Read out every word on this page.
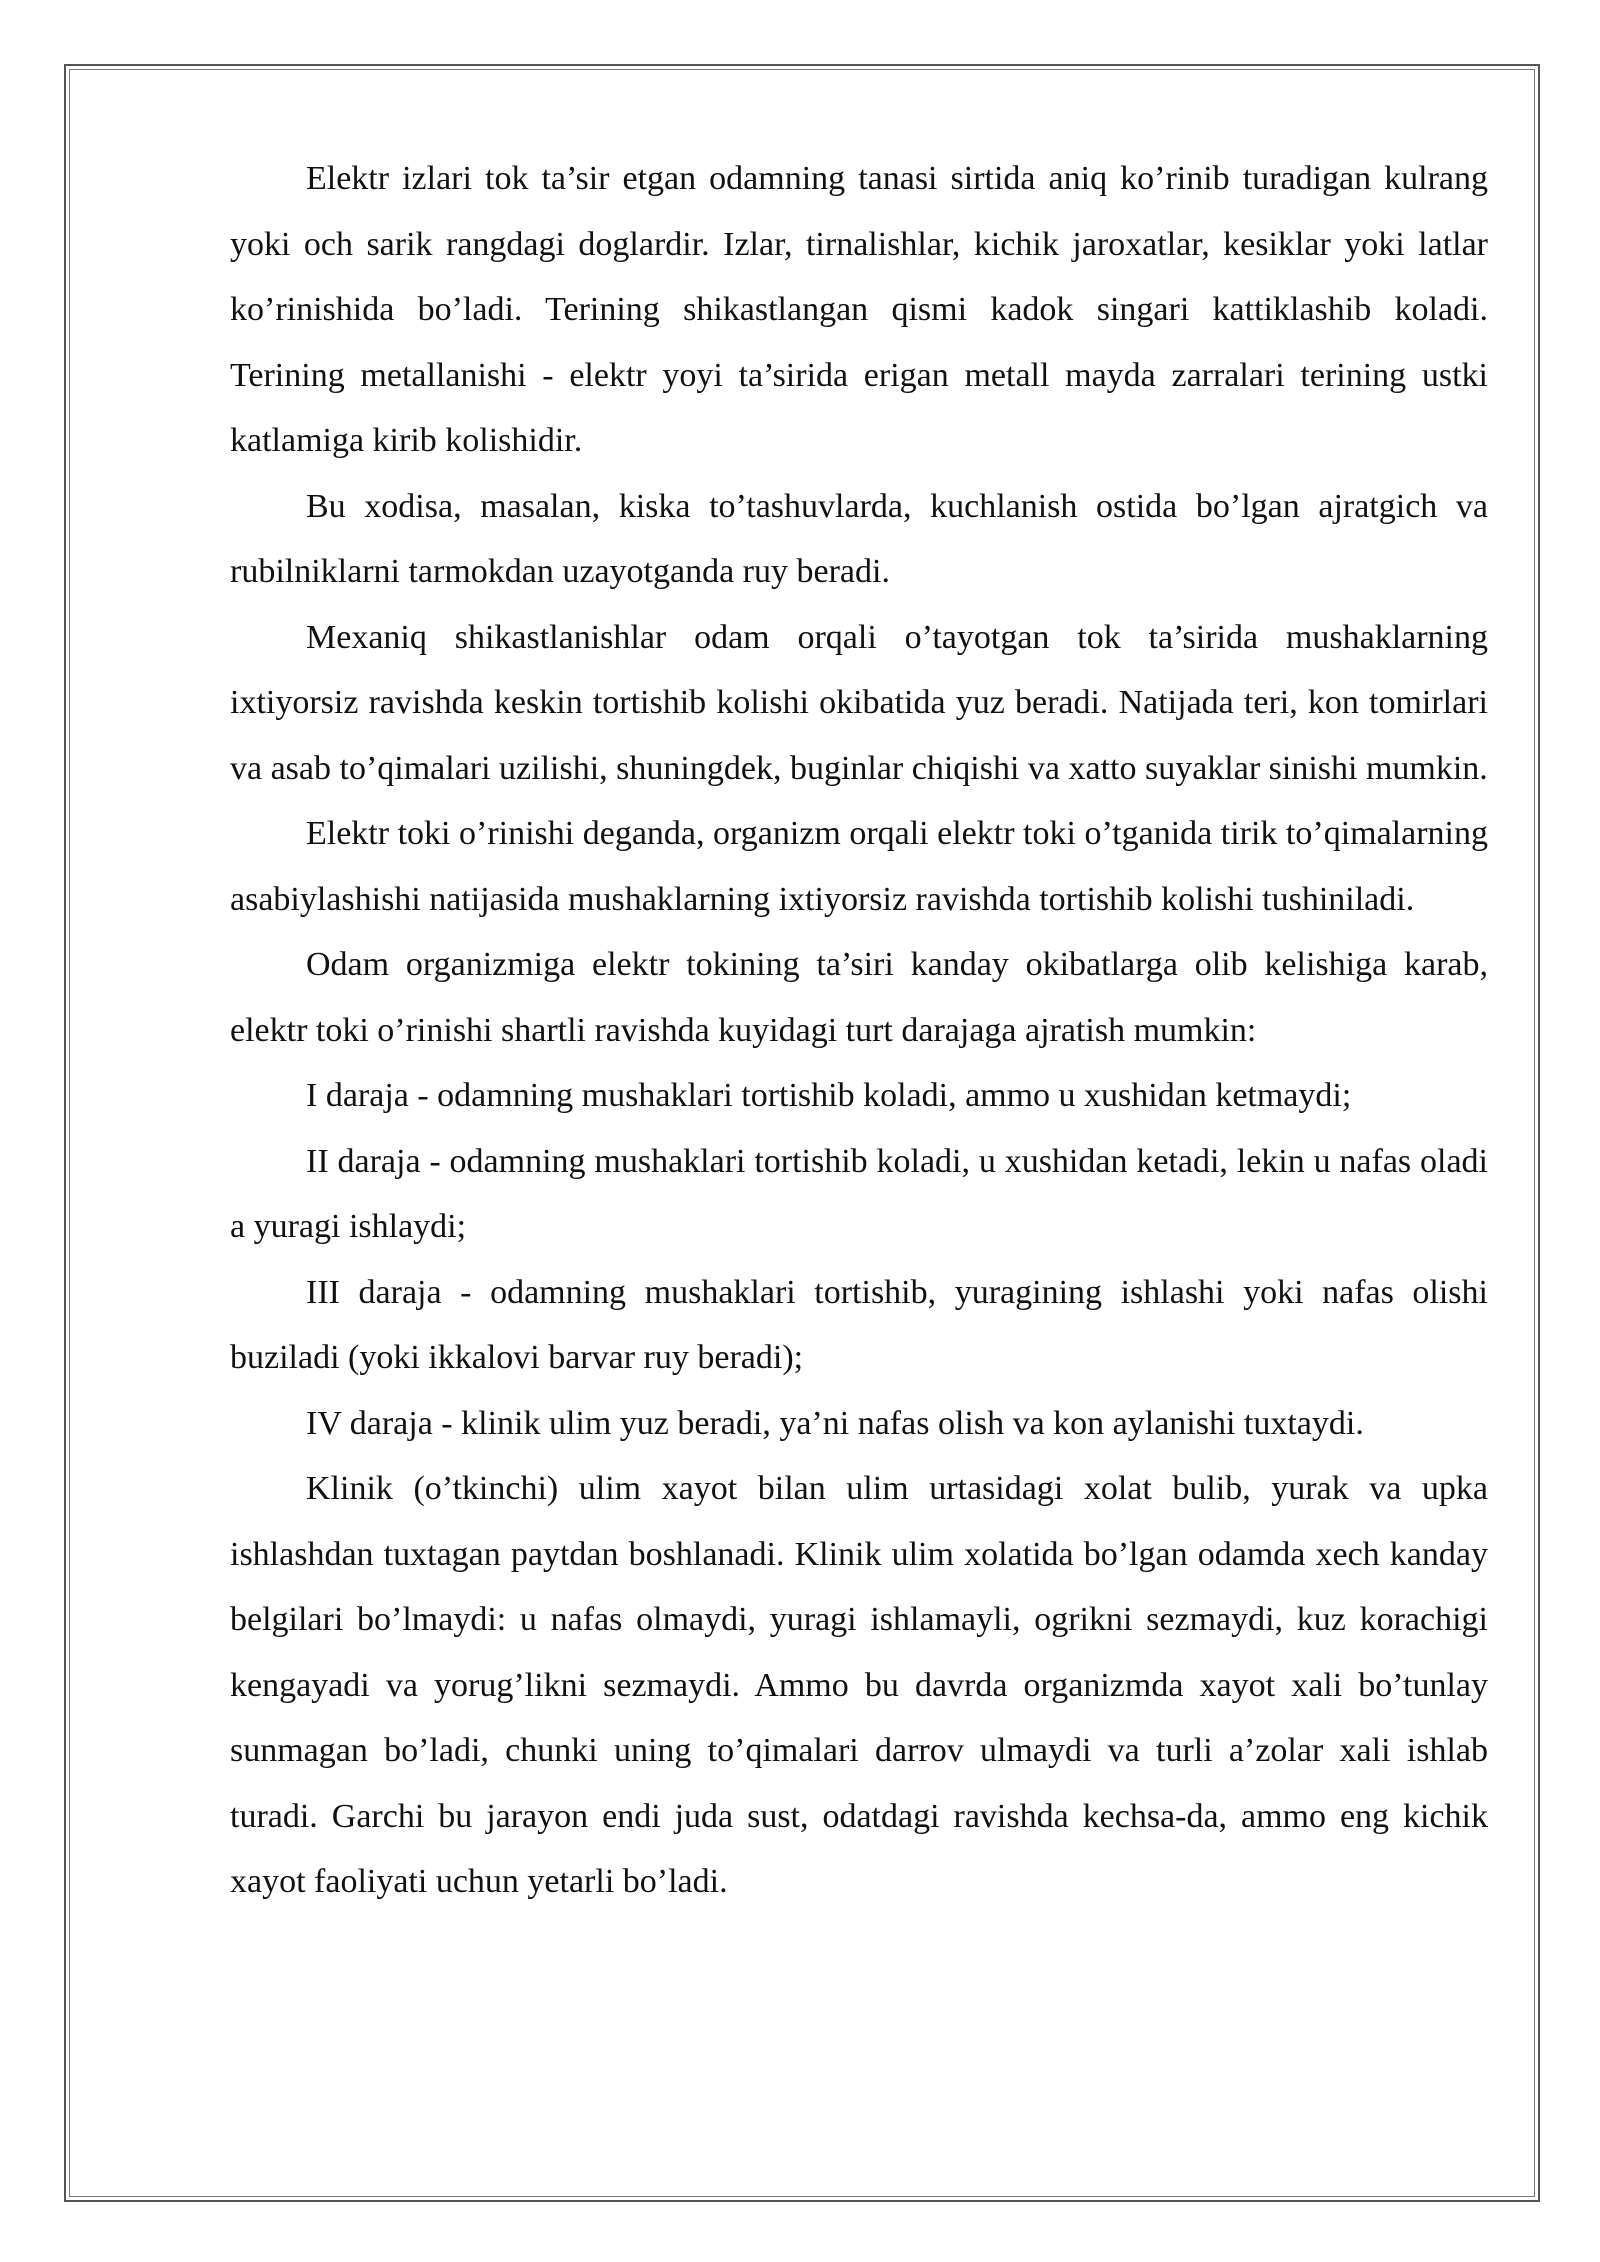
Elektr izlari tok ta’sir etgan odamning tanasi sirtida aniq ko’rinib turadigan kulrang yoki och sarik rangdagi doglardir. Izlar, tirnalishlar, kichik jaroxatlar, kesiklar yoki latlar ko’rinishida bo’ladi. Terining shikastlangan qismi kadok singari kattiklashib koladi. Terining metallanishi - elektr yoyi ta’sirida erigan metall mayda zarralari terining ustki katlamiga kirib kolishidir.

Bu xodisa, masalan, kiska to’tashuvlarda, kuchlanish ostida bo’lgan ajratgich va rubilniklarni tarmokdan uzayotganda ruy beradi.

Mexaniq shikastlanishlar odam orqali o’tayotgan tok ta’sirida mushaklarning ixtiyorsiz ravishda keskin tortishib kolishi okibatida yuz beradi. Natijada teri, kon tomirlari va asab to’qimalari uzilishi, shuningdek, buginlar chiqishi va xatto suyaklar sinishi mumkin.

Elektr toki o’rinishi deganda, organizm orqali elektr toki o’tganida tirik to’qimalarning asabiylashishi natijasida mushaklarning ixtiyorsiz ravishda tortishib kolishi tushiniladi.

Odam organizmiga elektr tokining ta’siri kanday okibatlarga olib kelishiga karab, elektr toki o’rinishi shartli ravishda kuyidagi turt darajaga ajratish mumkin:

I daraja - odamning mushaklari tortishib koladi, ammo u xushidan ketmaydi;

II daraja - odamning mushaklari tortishib koladi, u xushidan ketadi, lekin u nafas oladi a yuragi ishlaydi;

III daraja - odamning mushaklari tortishib, yuragining ishlashi yoki nafas olishi buziladi (yoki ikkalovi barvar ruy beradi);

IV daraja - klinik ulim yuz beradi, ya’ni nafas olish va kon aylanishi tuxtaydi.

Klinik (o’tkinchi) ulim xayot bilan ulim urtasidagi xolat bulib, yurak va upka ishlashdan tuxtagan paytdan boshlanadi. Klinik ulim xolatida bo’lgan odamda xech kanday belgilari bo’lmaydi: u nafas olmaydi, yuragi ishlamayli, ogrikni sezmaydi, kuz korachigi kengayadi va yorug’likni sezmaydi. Ammo bu davrda organizmda xayot xali bo’tunlay sunmagan bo’ladi, chunki uning to’qimalari darrov ulmaydi va turli a’zolar xali ishlab turadi. Garchi bu jarayon endi juda sust, odatdagi ravishda kechsa-da, ammo eng kichik xayot faoliyati uchun yetarli bo’ladi.
